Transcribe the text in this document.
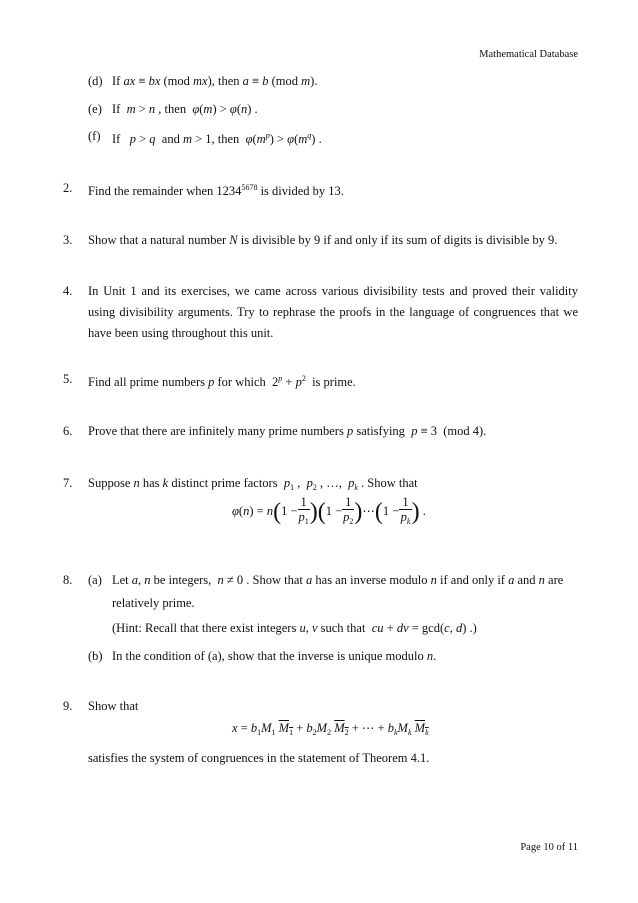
Mathematical Database
(d) If ax ≡ bx (mod mx), then a ≡ b (mod m).
(e) If  m > n , then  φ(m) > φ(n) .
(f) If   p > q  and m > 1, then  $\varphi(m^p) > \varphi(m^q)$ .
2. Find the remainder when $1234^{5678}$ is divided by 13.
3. Show that a natural number N is divisible by 9 if and only if its sum of digits is divisible by 9.
4. In Unit 1 and its exercises, we came across various divisibility tests and proved their validity using divisibility arguments. Try to rephrase the proofs in the language of congruences that we have been using throughout this unit.
5. Find all prime numbers p for which  $2^p + p^2$  is prime.
6. Prove that there are infinitely many prime numbers p satisfying  p ≡ 3  (mod 4).
7. Suppose n has k distinct prime factors  $p_1$ ,  $p_2$ , …,  $p_k$ . Show that
$\varphi(n) = n(1 - \frac{1}{p_1} )(1 - \frac{1}{p_2}$ )⋯(1 − $\frac{1}{p_k}$ ) .
8. (a) Let a, n be integers,  n ≠ 0 . Show that a has an inverse modulo n if and only if a and n are
relatively prime.
(Hint: Recall that there exist integers u, v such that  cu + dv = gcd(c, d) .)
(b) In the condition of (a), show that the inverse is unique modulo n.
9. Show that
$x = b_1M_1$ $M_1 + b_2M_2$ $M_2$ + ⋯ + $b_kM_k$ $M_k$
satisfies the system of congruences in the statement of Theorem 4.1.
Page 10 of 11
